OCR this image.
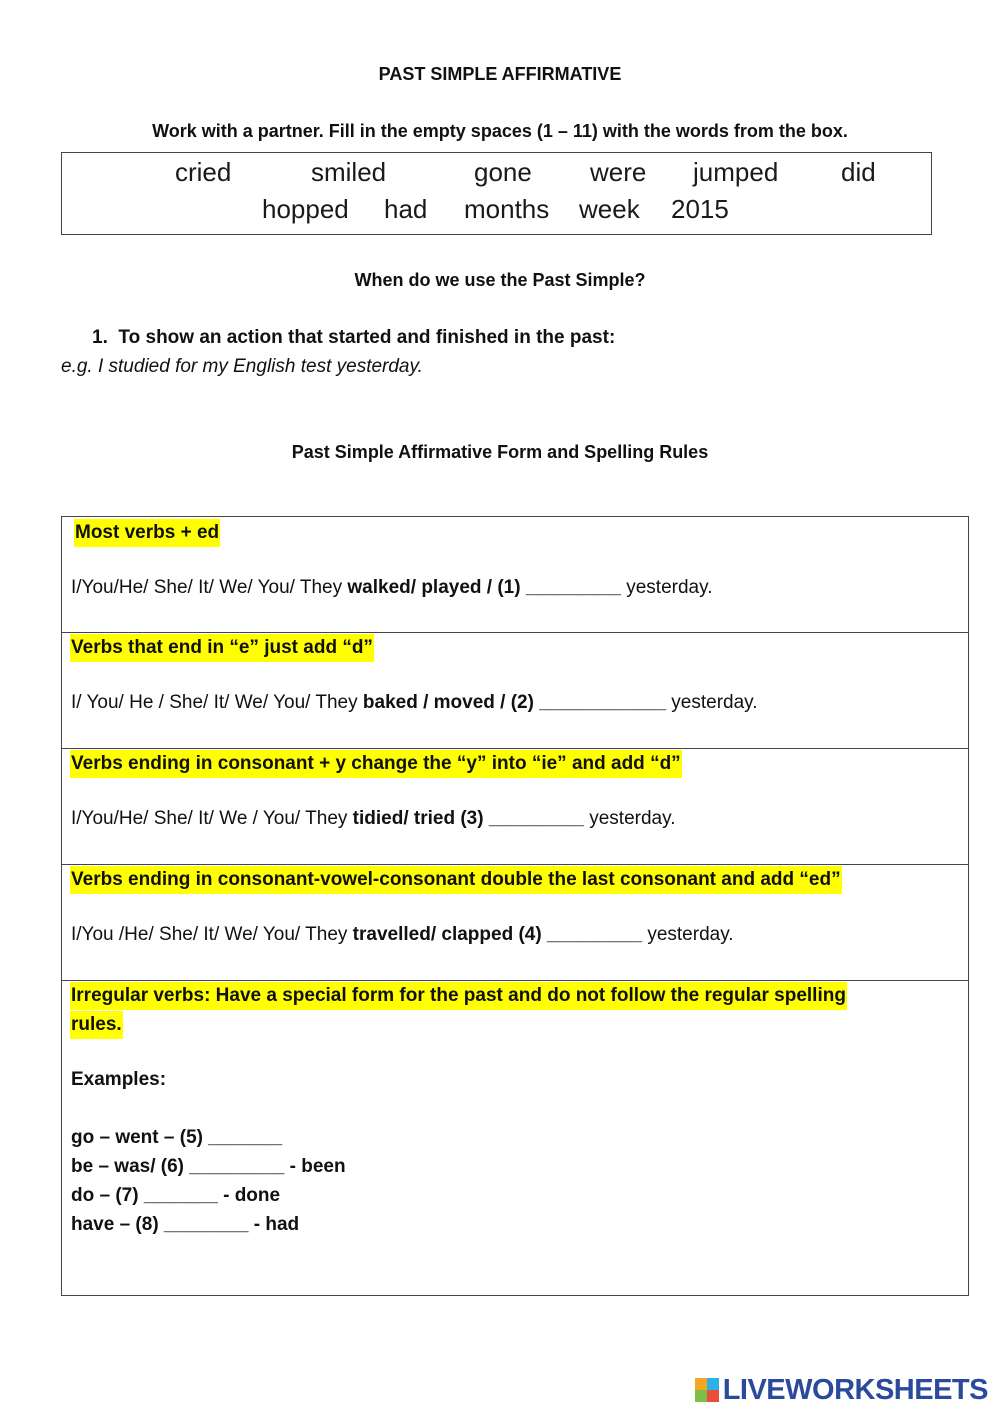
PAST SIMPLE AFFIRMATIVE
Work with a partner. Fill in the empty spaces (1 – 11) with the words from the box.
cried	smiled	gone were jumped did
hopped had months week 2015
When do we use the Past Simple?
1. To show an action that started and finished in the past:
e.g. I studied for my English test yesterday.
Past Simple Affirmative Form and Spelling Rules
Most verbs + ed
I/You/He/ She/ It/ We/ You/ They walked/ played / (1) _________ yesterday.
Verbs that end in “e” just add “d”
I/ You/ He / She/ It/ We/ You/ They baked / moved / (2) ____________ yesterday.
Verbs ending in consonant + y change the “y” into “ie” and add “d”
I/You/He/ She/ It/ We / You/ They tidied/ tried (3) _________ yesterday.
Verbs ending in consonant-vowel-consonant double the last consonant and add “ed”
I/You /He/ She/ It/ We/ You/ They travelled/ clapped (4) _________ yesterday.
Irregular verbs: Have a special form for the past and do not follow the regular spelling
rules.
Examples:
go – went – (5) _______
be – was/ (6) _________ - been
do – (7) _______ - done
have – (8) ________ - had
LIVEWORKSHEETS
